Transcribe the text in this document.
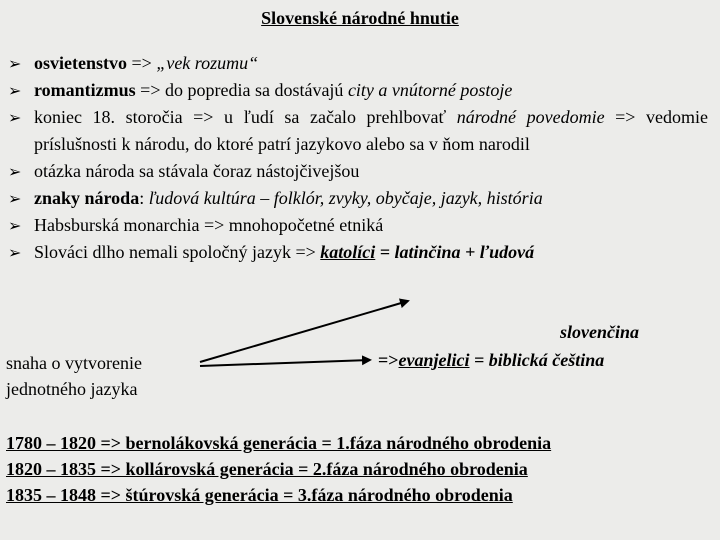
Slovenské národné hnutie
➢ osvietenstvo => „vek rozumu“
➢ romantizmus => do popredia sa dostávajú city a vnútorné postoje
➢ koniec 18. storočia => u ľudí sa začalo prehlbovať národné povedomie => vedomie príslušnosti k národu, do ktoré patrí jazykovo alebo sa v ňom narodil
➢ otázka národa sa stávala čoraz nástojčivejšou
➢ znaky národa: ľudová kultúra – folklór, zvyky, obyčaje, jazyk, história
➢ Habsburská monarchia => mnohopočetné etniká
➢ Slováci dlho nemali spoločný jazyk => katolíci = latinčina + ľudová
slovenčina
snaha o vytvorenie jednotného jazyka
=>evanjelici = biblická čeština
1780 – 1820 => bernolákovská generácia = 1.fáza národného obrodenia
1820 – 1835 => kollárovská generácia = 2.fáza národného obrodenia
1835 – 1848 => štúrovská generácia = 3.fáza národného obrodenia
